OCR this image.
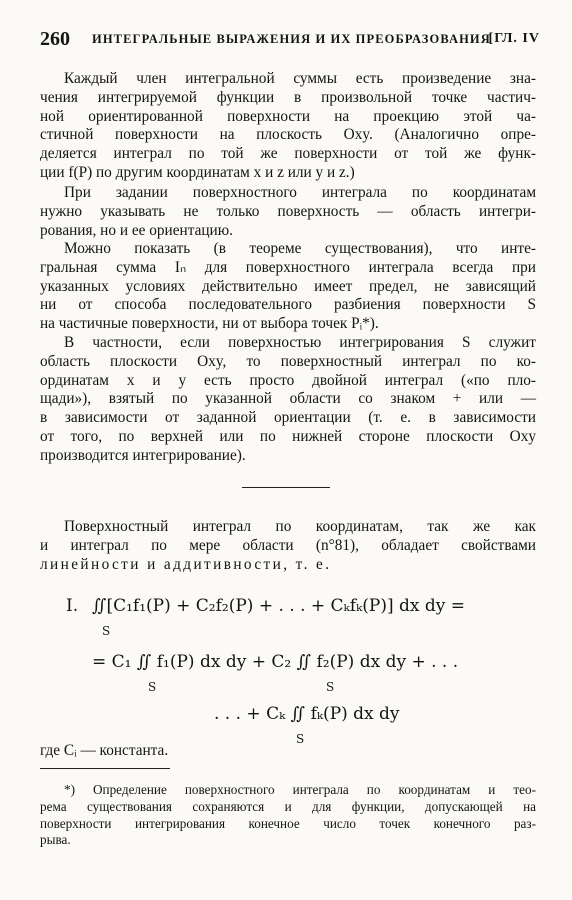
260 ИНТЕГРАЛЬНЫЕ ВЫРАЖЕНИЯ И ИХ ПРЕОБРАЗОВАНИЯ
[ГЛ. IV
Каждый член интегральной суммы есть произведение зна-
чения интегрируемой функции в произвольной точке частич-
ной ориентированной поверхности на проекцию этой ча-
стичной поверхности на плоскость Oxy. (Аналогично опре-
деляется интеграл по той же поверхности от той же функ-
ции f(P) по другим координатам x и z или y и z.)
При задании поверхностного интеграла по координатам
нужно указывать не только поверхность — область интегри-
рования, но и ее ориентацию.
Можно показать (в теореме существования), что инте-
гральная сумма Iₙ для поверхностного интеграла всегда при
указанных условиях действительно имеет предел, не зависящий
ни от способа последовательного разбиения поверхности S
на частичные поверхности, ни от выбора точек Pᵢ*).
В частности, если поверхностью интегрирования S служит
область плоскости Oxy, то поверхностный интеграл по ко-
ординатам x и y есть просто двойной интеграл («по пло-
щади»), взятый по указанной области со знаком + или —
в зависимости от заданной ориентации (т. е. в зависимости
от того, по верхней или по нижней стороне плоскости Oxy
производится интегрирование).
Поверхностный интеграл по координатам, так же как
и интеграл по мере области (n°81), обладает свойствами
линейности и аддитивности, т. е.
I. ∬[C₁f₁(P) + C₂f₂(P) + . . . + Cₖfₖ(P)] dx dy =
S
= C₁ ∬ f₁(P) dx dy + C₂ ∬ f₂(P) dx dy + . . .
S	S
. . . + Cₖ ∬ fₖ(P) dx dy
S
где Cᵢ — константа.
*) Определение поверхностного интеграла по координатам и тео-
рема существования сохраняются и для функции, допускающей на
поверхности интегрирования конечное число точек конечного раз-
рыва.
